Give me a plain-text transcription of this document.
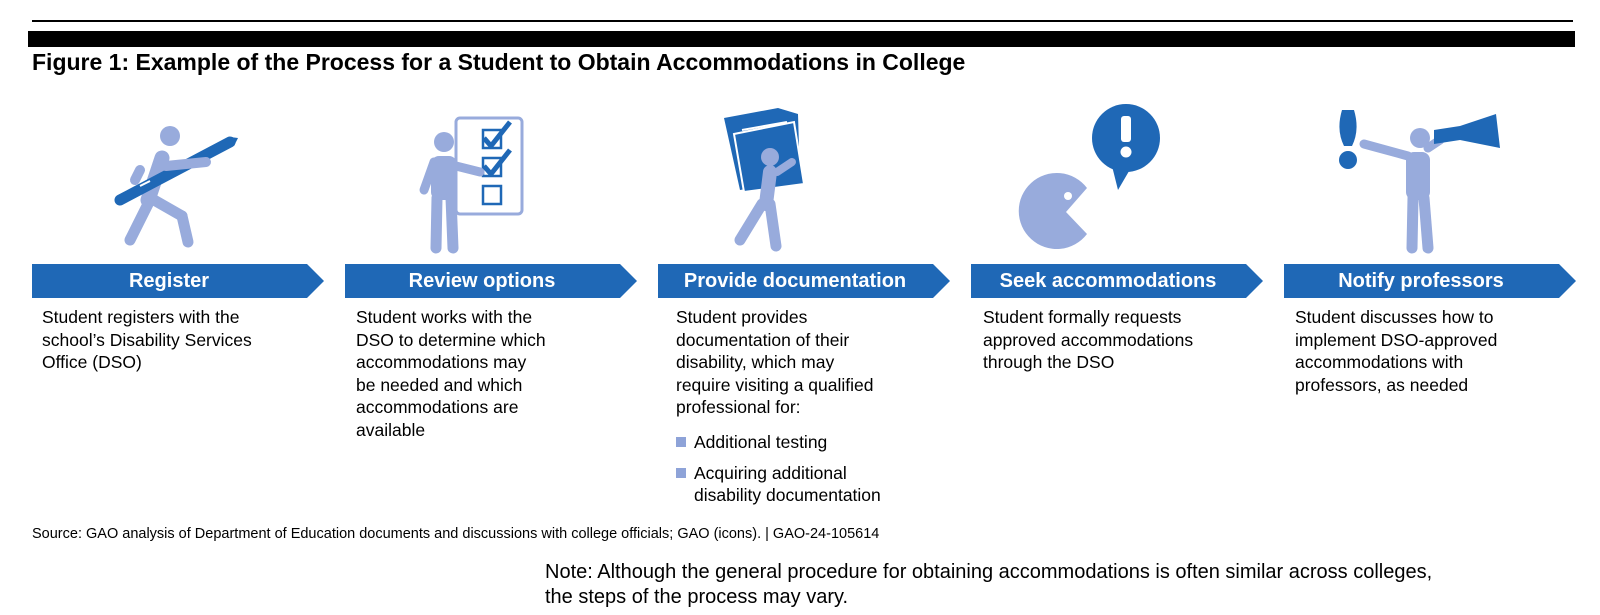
Figure 1: Example of the Process for a Student to Obtain Accommodations in College
Register	Review options	Provide documentation	Seek accommodations	Notify professors
Student registers with the
school’s Disability Services
Office (DSO)
Student works with the
DSO to determine which
accommodations may
be needed and which
accommodations are
available
Student provides
documentation of their
disability, which may
require visiting a qualified
professional for:
Additional testing
Acquiring additional
disability documentation
Student formally requests
approved accommodations
through the DSO
Student discusses how to
implement DSO-approved
accommodations with
professors, as needed
Source: GAO analysis of Department of Education documents and discussions with college officials; GAO (icons). | GAO-24-105614
Note: Although the general procedure for obtaining accommodations is often similar across colleges,
the steps of the process may vary.
